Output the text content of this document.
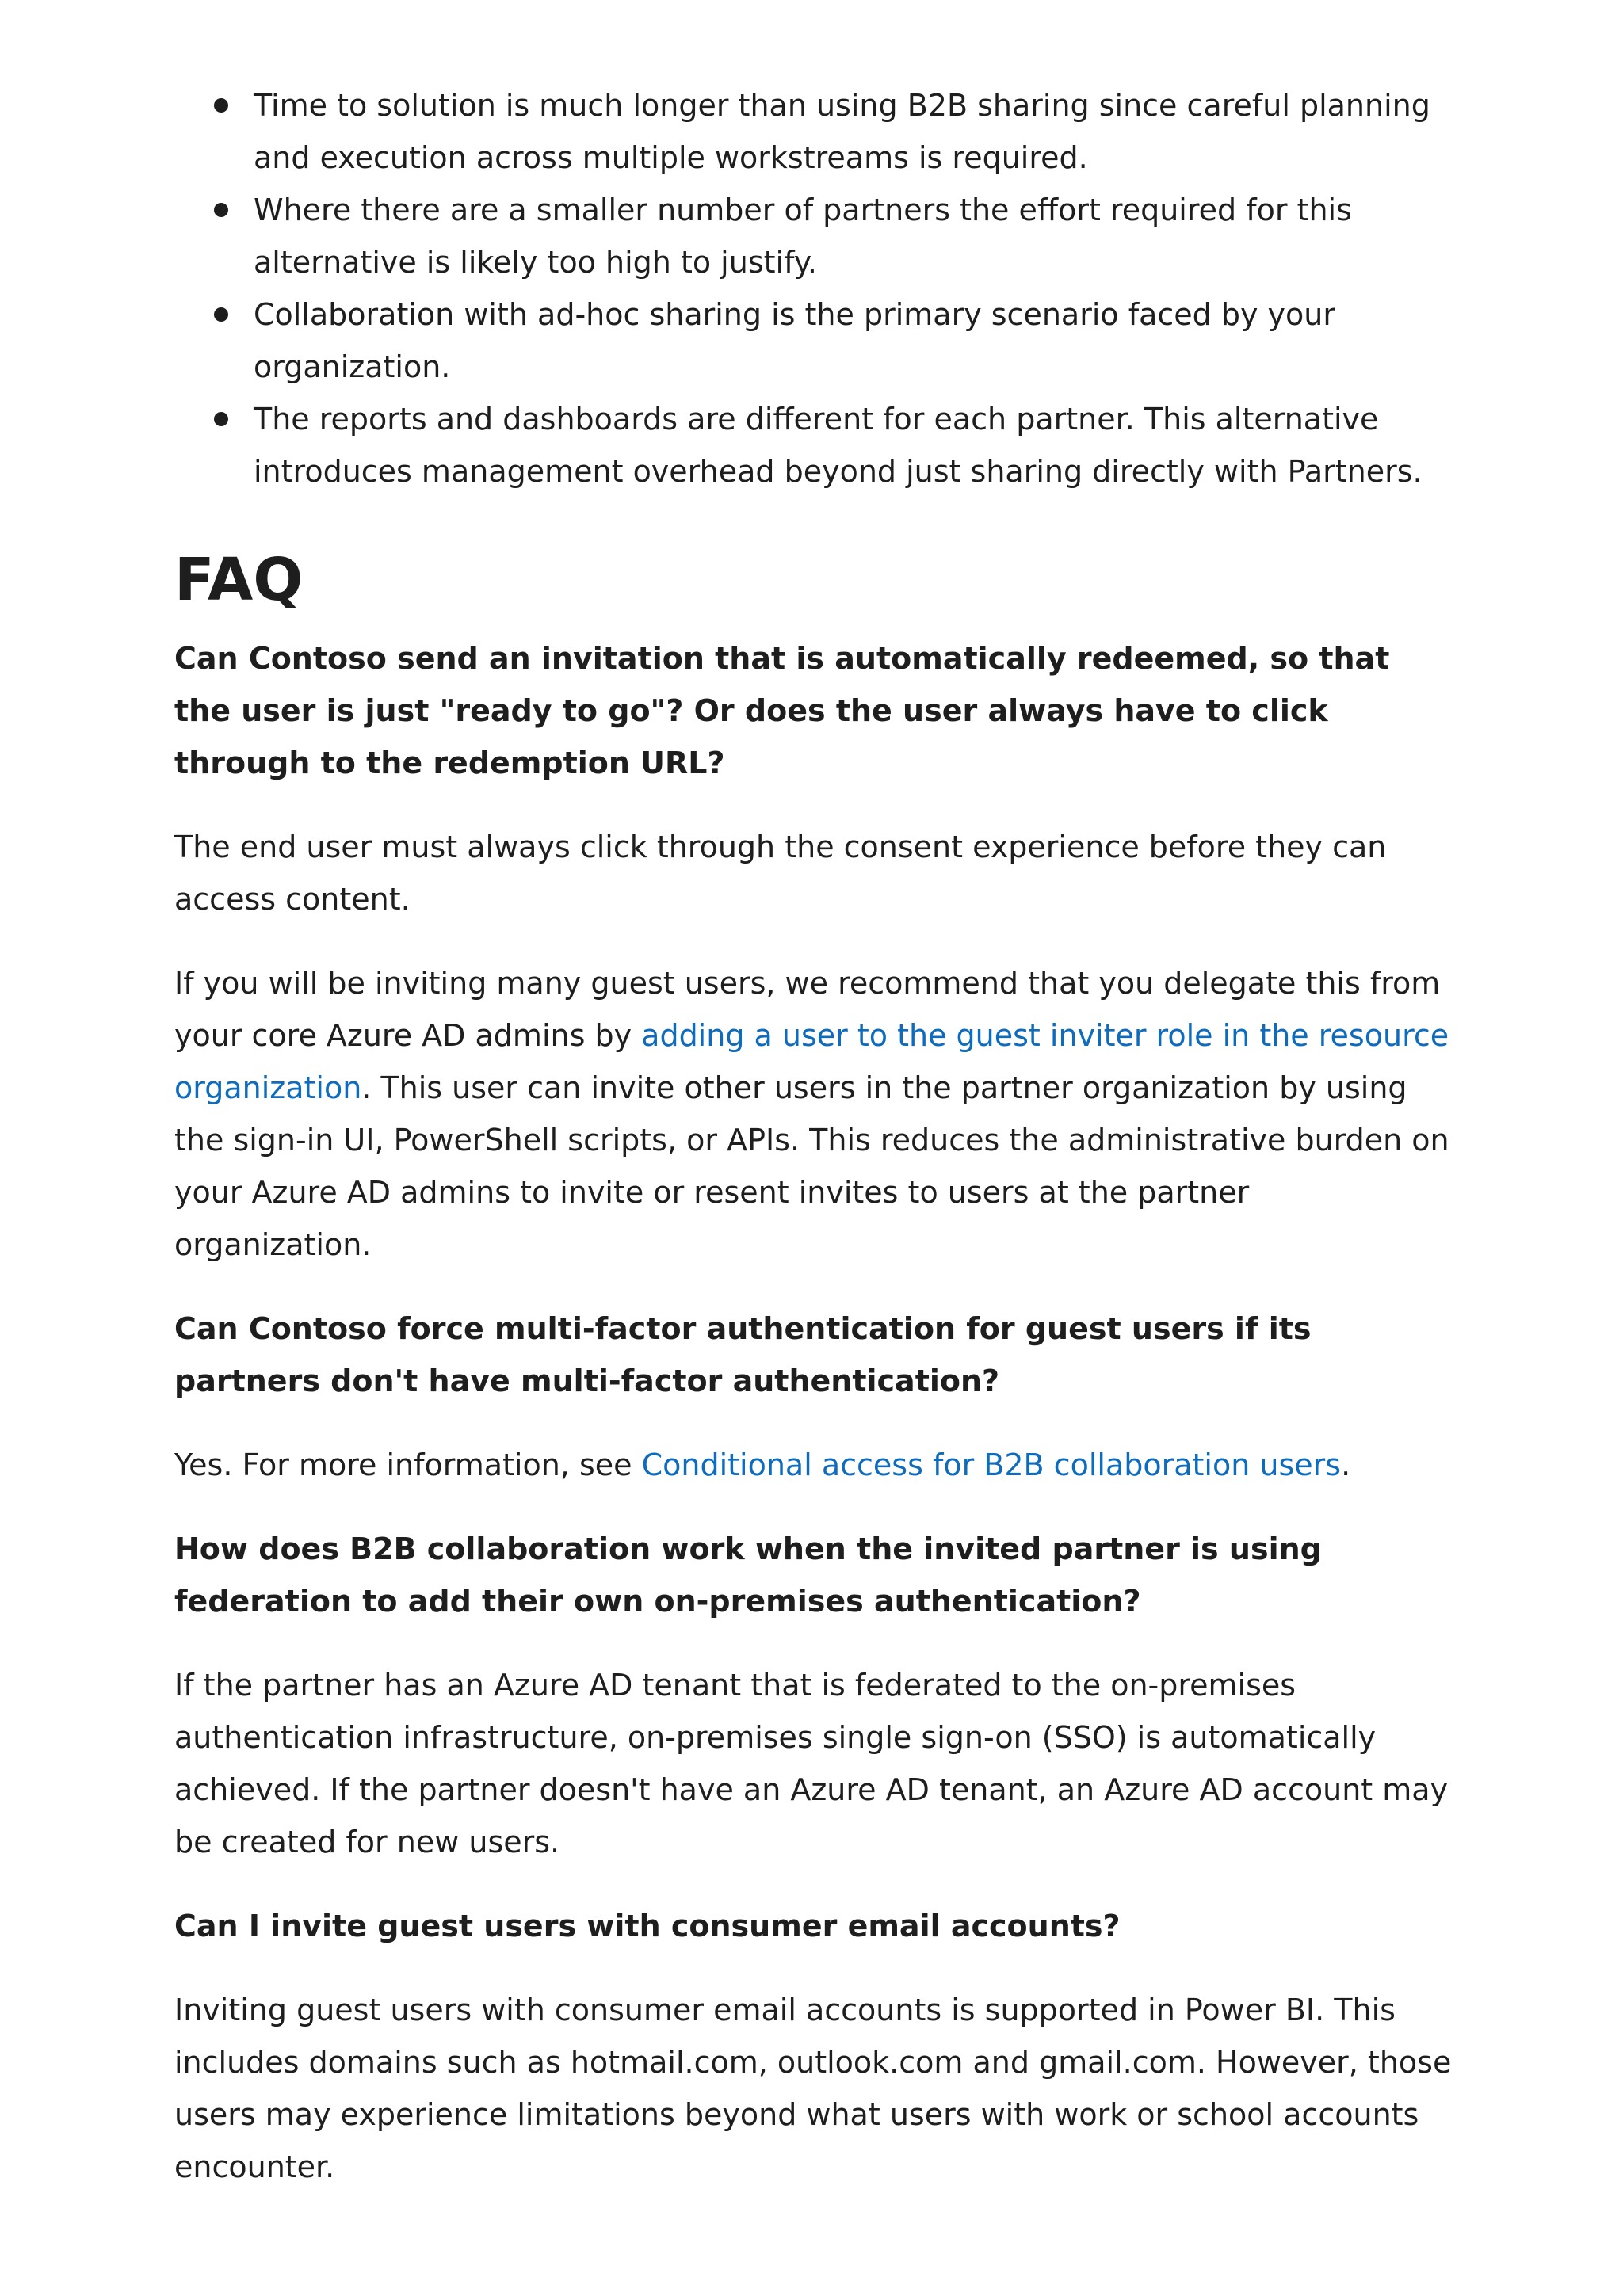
Time to solution is much longer than using B2B sharing since careful planning and execution across multiple workstreams is required.
Where there are a smaller number of partners the effort required for this alternative is likely too high to justify.
Collaboration with ad-hoc sharing is the primary scenario faced by your organization.
The reports and dashboards are different for each partner. This alternative introduces management overhead beyond just sharing directly with Partners.
FAQ

Can Contoso send an invitation that is automatically redeemed, so that the user is just "ready to go"? Or does the user always have to click through to the redemption URL?

The end user must always click through the consent experience before they can access content.

If you will be inviting many guest users, we recommend that you delegate this from your core Azure AD admins by adding a user to the guest inviter role in the resource organization. This user can invite other users in the partner organization by using the sign-in UI, PowerShell scripts, or APIs. This reduces the administrative burden on your Azure AD admins to invite or resent invites to users at the partner organization.

Can Contoso force multi-factor authentication for guest users if its partners don't have multi-factor authentication?

Yes. For more information, see Conditional access for B2B collaboration users.

How does B2B collaboration work when the invited partner is using federation to add their own on-premises authentication?

If the partner has an Azure AD tenant that is federated to the on-premises authentication infrastructure, on-premises single sign-on (SSO) is automatically achieved. If the partner doesn't have an Azure AD tenant, an Azure AD account may be created for new users.

Can I invite guest users with consumer email accounts?

Inviting guest users with consumer email accounts is supported in Power BI. This includes domains such as hotmail.com, outlook.com and gmail.com. However, those users may experience limitations beyond what users with work or school accounts encounter.
